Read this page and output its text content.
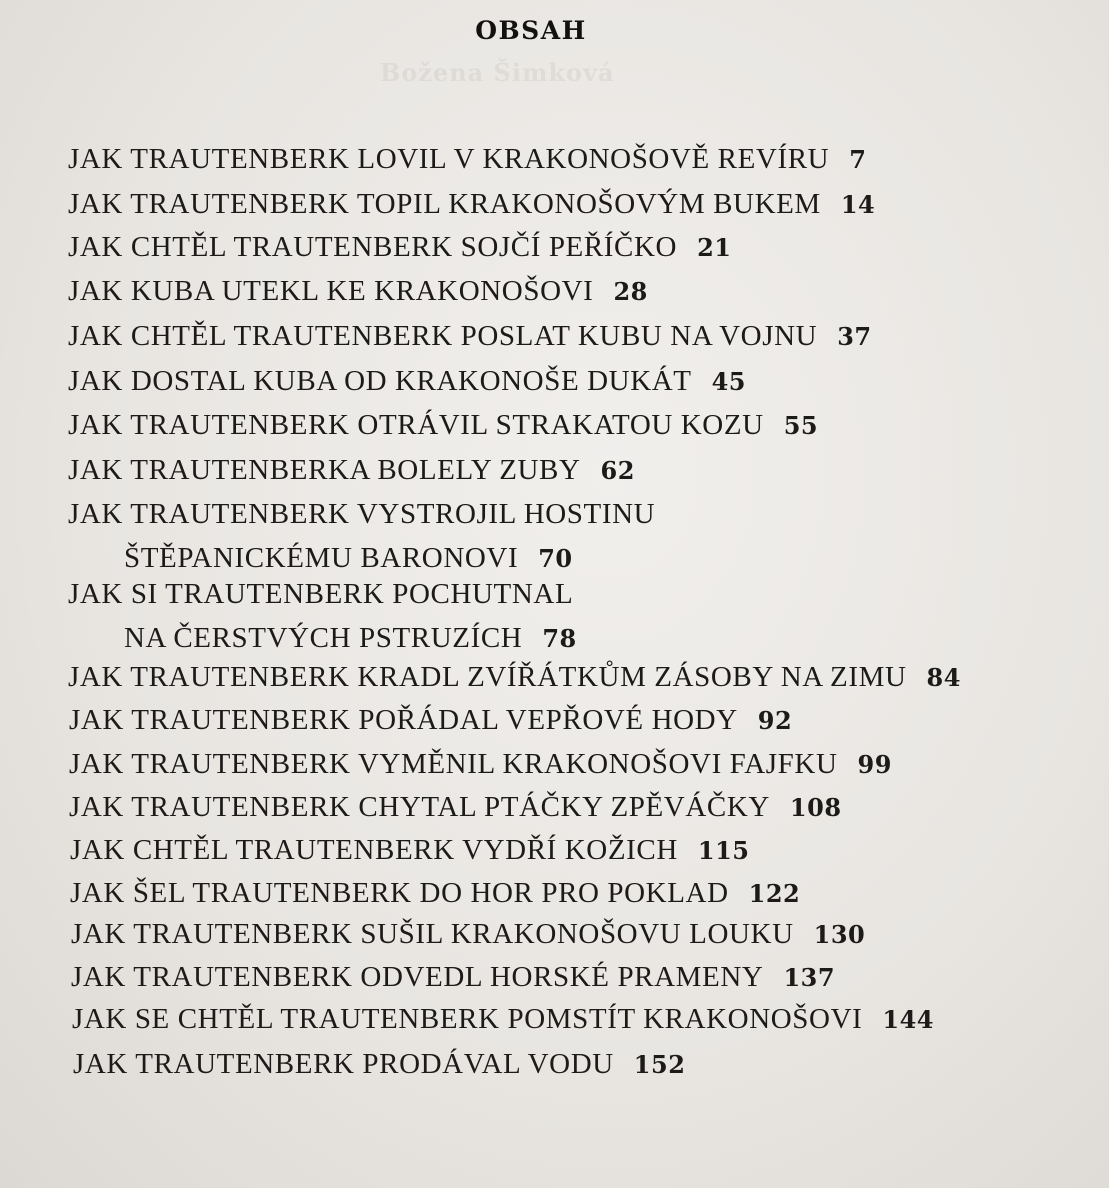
Božena Šimková
OBSAH
JAK TRAUTENBERK LOVIL V KRAKONOŠOVĚ REVÍRU 7
JAK TRAUTENBERK TOPIL KRAKONOŠOVÝM BUKEM 14
JAK CHTĚL TRAUTENBERK SOJČÍ PEŘÍČKO 21
JAK KUBA UTEKL KE KRAKONOŠOVI 28
JAK CHTĚL TRAUTENBERK POSLAT KUBU NA VOJNU 37
JAK DOSTAL KUBA OD KRAKONOŠE DUKÁT 45
JAK TRAUTENBERK OTRÁVIL STRAKATOU KOZU 55
JAK TRAUTENBERKA BOLELY ZUBY 62
JAK TRAUTENBERK VYSTROJIL HOSTINU
ŠTĚPANICKÉMU BARONOVI 70
JAK SI TRAUTENBERK POCHUTNAL
NA ČERSTVÝCH PSTRUZÍCH 78
JAK TRAUTENBERK KRADL ZVÍŘÁTKŮM ZÁSOBY NA ZIMU 84
JAK TRAUTENBERK POŘÁDAL VEPŘOVÉ HODY 92
JAK TRAUTENBERK VYMĚNIL KRAKONOŠOVI FAJFKU 99
JAK TRAUTENBERK CHYTAL PTÁČKY ZPĚVÁČKY 108
JAK CHTĚL TRAUTENBERK VYDŘÍ KOŽICH 115
JAK ŠEL TRAUTENBERK DO HOR PRO POKLAD 122
JAK TRAUTENBERK SUŠIL KRAKONOŠOVU LOUKU 130
JAK TRAUTENBERK ODVEDL HORSKÉ PRAMENY 137
JAK SE CHTĚL TRAUTENBERK POMSTÍT KRAKONOŠOVI 144
JAK TRAUTENBERK PRODÁVAL VODU 152
